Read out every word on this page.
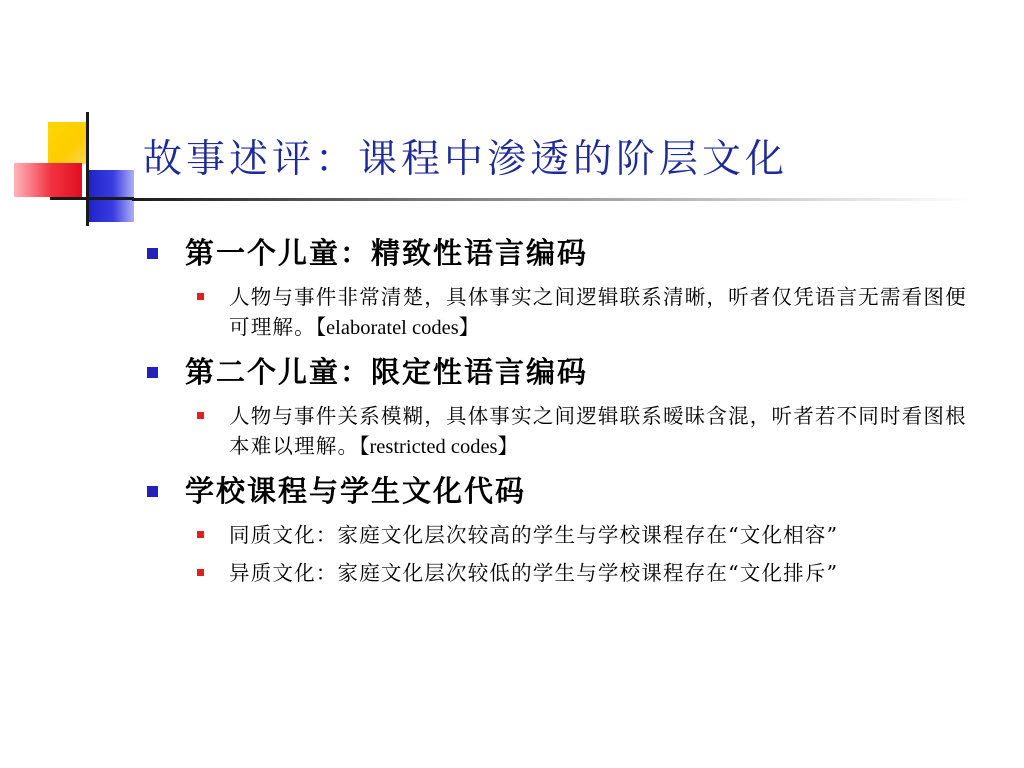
故事述评：课程中渗透的阶层文化
第一个儿童：精致性语言编码
人物与事件非常清楚，具体事实之间逻辑联系清晰，听者仅凭语言无需看图便可理解。【elaboratel codes】
第二个儿童：限定性语言编码
人物与事件关系模糊，具体事实之间逻辑联系暧昧含混，听者若不同时看图根本难以理解。【restricted codes】
学校课程与学生文化代码
同质文化：家庭文化层次较高的学生与学校课程存在“文化相容”
异质文化：家庭文化层次较低的学生与学校课程存在“文化排斥”
